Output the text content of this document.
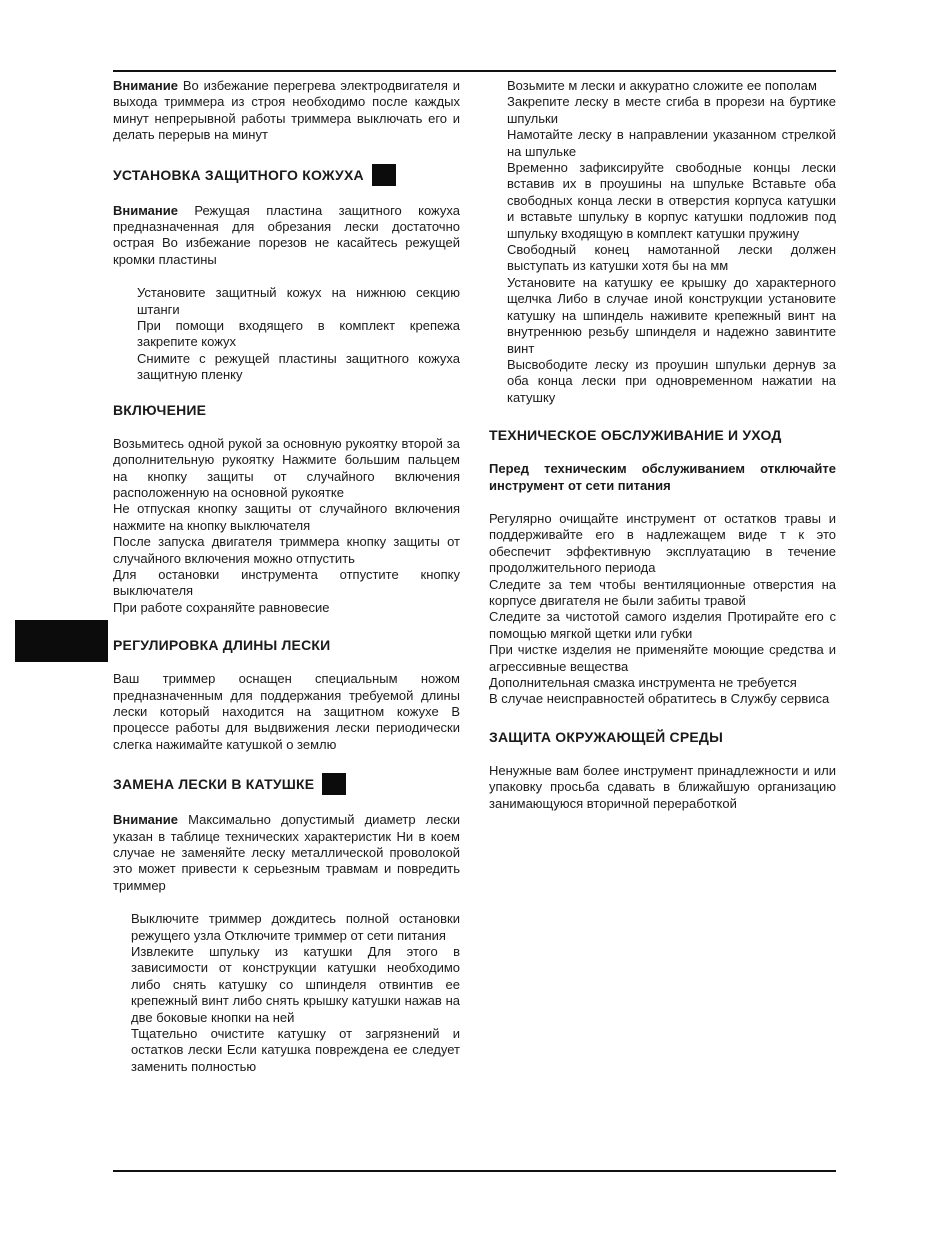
Внимание Во избежание перегрева электродвигателя и выхода триммера из строя необходимо после каждых минут непрерывной работы триммера выключать его и делать перерыв на минут

УСТАНОВКА ЗАЩИТНОГО КОЖУХА

Внимание Режущая пластина защитного кожуха предназначенная для обрезания лески достаточно острая Во избежание порезов не касайтесь режущей кромки пластины

Установите защитный кожух на нижнюю секцию штанги

При помощи входящего в комплект крепежа закрепите кожух

Снимите с режущей пластины защитного кожуха защитную пленку

ВКЛЮЧЕНИЕ

Возьмитесь одной рукой за основную рукоятку второй за дополнительную рукоятку Нажмите большим пальцем на кнопку защиты от случайного включения расположенную на основной рукоятке

Не отпуская кнопку защиты от случайного включения нажмите на кнопку выключателя

После запуска двигателя триммера кнопку защиты от случайного включения можно отпустить

Для остановки инструмента отпустите кнопку выключателя

При работе сохраняйте равновесие

РЕГУЛИРОВКА ДЛИНЫ ЛЕСКИ

Ваш триммер оснащен специальным ножом предназначенным для поддержания требуемой длины лески который находится на защитном кожухе В процессе работы для выдвижения лески периодически слегка нажимайте катушкой о землю

ЗАМЕНА ЛЕСКИ В КАТУШКЕ

Внимание Максимально допустимый диаметр лески указан в таблице технических характеристик Ни в коем случае не заменяйте леску металлической проволокой это может привести к серьезным травмам и повредить триммер

Выключите триммер дождитесь полной остановки режущего узла Отключите триммер от сети питания

Извлеките шпульку из катушки Для этого в зависимости от конструкции катушки необходимо либо снять катушку со шпинделя отвинтив ее крепежный винт либо снять крышку катушки нажав на две боковые кнопки на ней

Тщательно очистите катушку от загрязнений и остатков лески Если катушка повреждена ее следует заменить полностью

Возьмите м лески и аккуратно сложите ее пополам

Закрепите леску в месте сгиба в прорези на буртике шпульки

Намотайте леску в направлении указанном стрелкой на шпульке

Временно зафиксируйте свободные концы лески вставив их в проушины на шпульке Вставьте оба свободных конца лески в отверстия корпуса катушки и вставьте шпульку в корпус катушки подложив под шпульку входящую в комплект катушки пружину

Свободный конец намотанной лески должен выступать из катушки хотя бы на мм

Установите на катушку ее крышку до характерного щелчка Либо в случае иной конструкции установите катушку на шпиндель наживите крепежный винт на внутреннюю резьбу шпинделя и надежно завинтите винт

Высвободите леску из проушин шпульки дернув за оба конца лески при одновременном нажатии на катушку

ТЕХНИЧЕСКОЕ ОБСЛУЖИВАНИЕ И УХОД

Перед техническим обслуживанием отключайте инструмент от сети питания

Регулярно очищайте инструмент от остатков травы и поддерживайте его в надлежащем виде т к это обеспечит эффективную эксплуатацию в течение продолжительного периода

Следите за тем чтобы вентиляционные отверстия на корпусе двигателя не были забиты травой

Следите за чистотой самого изделия Протирайте его с помощью мягкой щетки или губки

При чистке изделия не применяйте моющие средства и агрессивные вещества

Дополнительная смазка инструмента не требуется

В случае неисправностей обратитесь в Службу сервиса

ЗАЩИТА ОКРУЖАЮЩЕЙ СРЕДЫ

Ненужные вам более инструмент принадлежности и или упаковку просьба сдавать в ближайшую организацию занимающуюся вторичной переработкой
